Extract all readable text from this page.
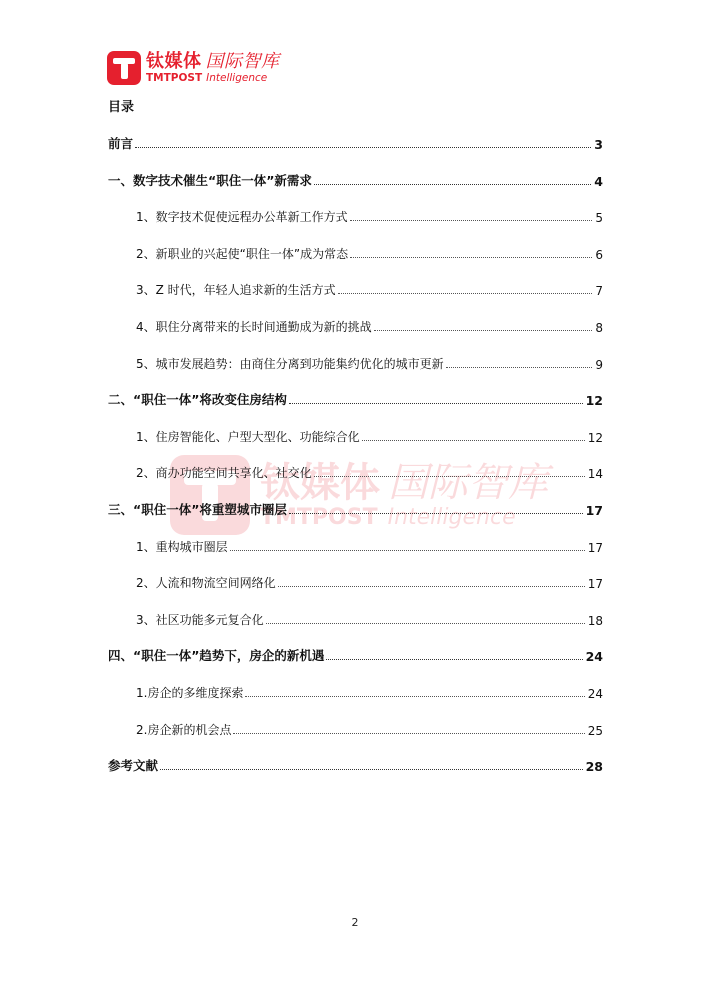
钛媒体 国际智库
TMTPOST Intelligence
钛媒体 国际智库
TMTPOST Intelligence
目录
前言	3
一、数字技术催生“职住一体”新需求	4
1、数字技术促使远程办公革新工作方式	5
2、新职业的兴起使“职住一体”成为常态	6
3、Z 时代，年轻人追求新的生活方式	7
4、职住分离带来的长时间通勤成为新的挑战	8
5、城市发展趋势：由商住分离到功能集约优化的城市更新	9
二、“职住一体”将改变住房结构	12
1、住房智能化、户型大型化、功能综合化	12
2、商办功能空间共享化、社交化	14
三、“职住一体”将重塑城市圈层	17
1、重构城市圈层	17
2、人流和物流空间网络化	17
3、社区功能多元复合化	18
四、“职住一体”趋势下，房企的新机遇	24
1.房企的多维度探索	24
2.房企新的机会点	25
参考文献	28
2
